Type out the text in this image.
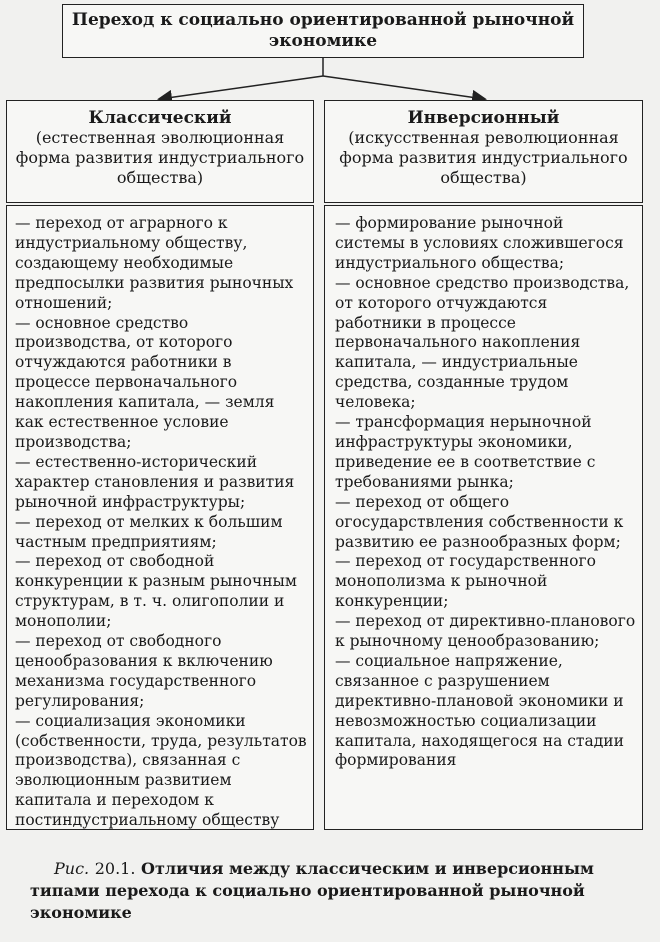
Переход к социально ориентированной рыночной экономике
Классический
(естественная эволюционная форма развития индустриального общества)
Инверсионный
(искусственная революционная форма развития индустриального общества)

— переход от аграрного к индустриальному обществу, создающему необходимые предпосылки развития рыночных отношений;

— основное средство производства, от которого отчуждаются работники в процессе первоначального накопления капитала, — земля как естественное условие производства;

— естественно-исторический характер становления и развития рыночной инфраструктуры;

— переход от мелких к большим частным предприятиям;

— переход от свободной конкуренции к разным рыночным структурам, в т. ч. олигополии и монополии;

— переход от свободного ценообразования к включению механизма государственного регулирования;

— социализация экономики (собственности, труда, результатов производства), связанная с эволюционным развитием капитала и переходом к постиндустриальному обществу

— формирование рыночной системы в условиях сложившегося индустриального общества;

— основное средство производства, от которого отчуждаются работники в процессе первоначального накопления капитала, — индустриальные средства, созданные трудом человека;

— трансформация нерыночной инфраструктуры экономики, приведение ее в соответствие с требованиями рынка;

— переход от общего огосударствления собственности к развитию ее разнообразных форм;

— переход от государственного монополизма к рыночной конкуренции;

— переход от директивно-планового к рыночному ценообразованию;

— социальное напряжение, связанное с разрушением директивно-плановой экономики и невозможностью социализации капитала, находящегося на стадии формирования

Рис. 20.1. Отличия между классическим и инверсионным типами перехода к социально ориентированной рыночной экономике
